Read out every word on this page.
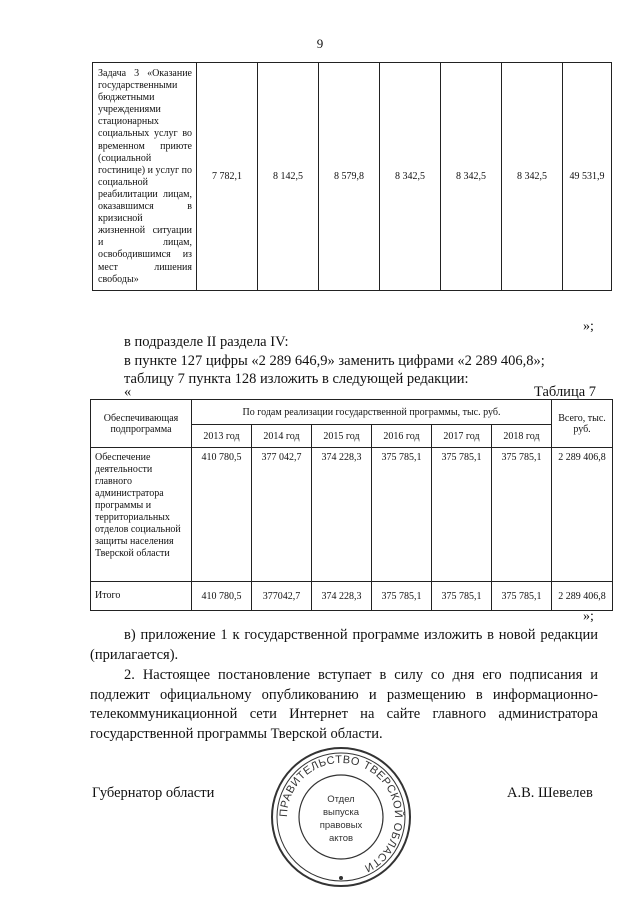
9
Задача 3 «Оказание государственными бюджетными учреждениями стационарных социальных услуг во временном приюте (социальной гостинице) и услуг по социальной реабилитации лицам, оказавшимся в кризисной жизненной ситуации и лицам, освободившимся из мест лишения свободы»	7 782,1	8 142,5	8 579,8	8 342,5	8 342,5	8 342,5	49 531,9
»;
в подразделе II раздела IV:
в пункте 127 цифры «2 289 646,9» заменить цифрами «2 289 406,8»;
таблицу 7 пункта 128 изложить в следующей редакции:
«	Таблица 7
Обеспечивающая подпрограмма	По годам реализации государственной программы, тыс. руб.						Всего, тыс. руб.
	2013 год	2014 год	2015 год	2016 год	2017 год	2018 год	
Обеспечение деятельности главного администратора программы и территориальных отделов социальной защиты населения Тверской области	410 780,5	377 042,7	374 228,3	375 785,1	375 785,1	375 785,1	2 289 406,8
Итого	410 780,5	377042,7	374 228,3	375 785,1	375 785,1	375 785,1	2 289 406,8
»;
в) приложение 1 к государственной программе изложить в новой редакции (прилагается).
2. Настоящее постановление вступает в силу со дня его подписания и подлежит официальному опубликованию и размещению в информационно-телекоммуникационной сети Интернет на сайте главного администратора государственной программы Тверской области.
Губернатор области	А.В. Шевелев
ПРАВИТЕЛЬСТВО ТВЕРСКОЙ ОБЛАСТИ
Отдел
выпуска
правовых
актов
